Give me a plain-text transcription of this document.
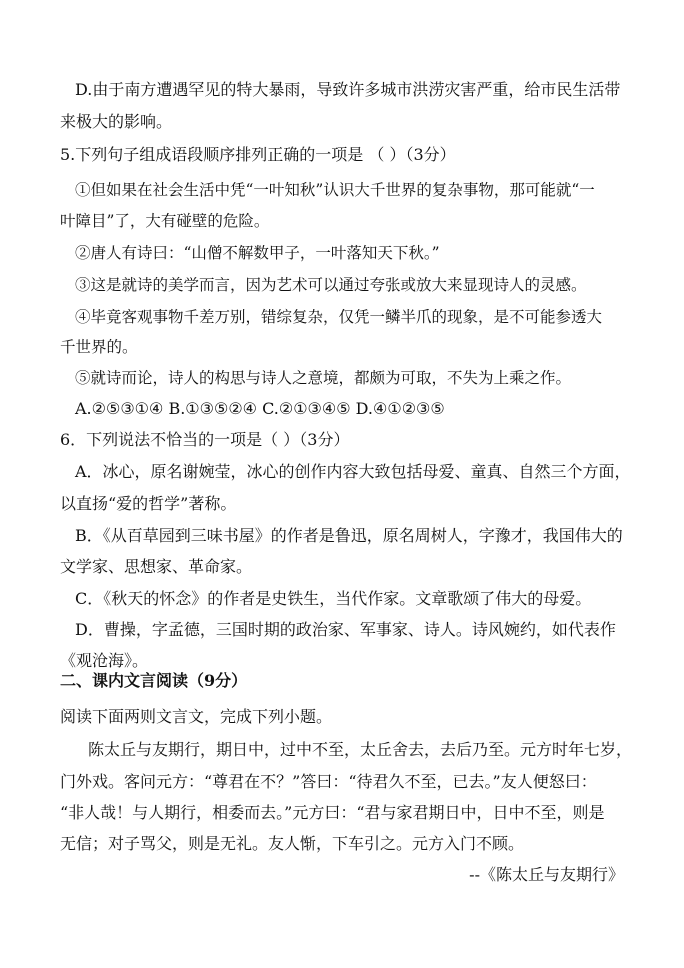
D.由于南方遭遇罕见的特大暴雨，导致许多城市洪涝灾害严重，给市民生活带
来极大的影响。
5.下列句子组成语段顺序排列正确的一项是 （ ）（3分）
①但如果在社会生活中凭“一叶知秋”认识大千世界的复杂事物，那可能就“一
叶障目”了，大有碰壁的危险。
②唐人有诗曰：“山僧不解数甲子，一叶落知天下秋。”
③这是就诗的美学而言，因为艺术可以通过夸张或放大来显现诗人的灵感。
④毕竟客观事物千差万别，错综复杂，仅凭一鳞半爪的现象，是不可能参透大
千世界的。
⑤就诗而论，诗人的构思与诗人之意境，都颇为可取，不失为上乘之作。
A.②⑤③①④ B.①③⑤②④ C.②①③④⑤ D.④①②③⑤
6．下列说法不恰当的一项是（ ）（3分）
A．冰心，原名谢婉莹，冰心的创作内容大致包括母爱、童真、自然三个方面，
以直扬“爱的哲学”著称。
B．《从百草园到三味书屋》的作者是鲁迅，原名周树人，字豫才，我国伟大的
文学家、思想家、革命家。
C．《秋天的怀念》的作者是史铁生，当代作家。文章歌颂了伟大的母爱。
D．曹操，字孟德，三国时期的政治家、军事家、诗人。诗风婉约，如代表作
《观沧海》。
二、课内文言阅读（9分）
阅读下面两则文言文，完成下列小题。
陈太丘与友期行，期日中，过中不至，太丘舍去，去后乃至。元方时年七岁，
门外戏。客问元方：“尊君在不？”答曰：“待君久不至，已去。”友人便怒曰：
“非人哉！与人期行，相委而去。”元方曰：“君与家君期日中，日中不至，则是
无信；对子骂父，则是无礼。友人惭，下车引之。元方入门不顾。
--《陈太丘与友期行》
